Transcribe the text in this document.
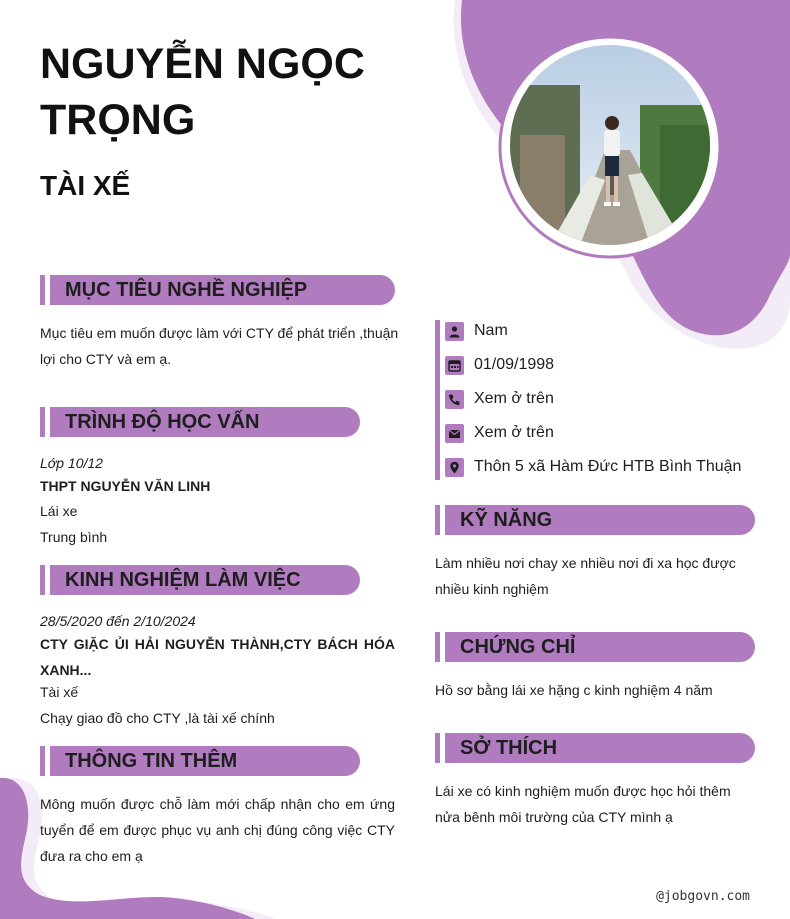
NGUYỄN NGỌC
TRỌNG
TÀI XẾ
MỤC TIÊU NGHỀ NGHIỆP

Mục tiêu em muốn được làm với CTY để phát triển ,thuận lợi cho CTY và em ạ.

TRÌNH ĐỘ HỌC VẤN

Lớp 10/12

THPT NGUYỄN VĂN LINH

Lái xe

Trung bình

KINH NGHIỆM LÀM VIỆC

28/5/2020 đến 2/10/2024

CTY GIẶC ỦI HẢI NGUYỄN THÀNH,CTY BÁCH HÓA XANH...

Tài xế

Chạy giao đồ cho CTY ,là tài xế chính

THÔNG TIN THÊM

Mông muốn được chỗ làm mới chấp nhận cho em ứng tuyển để em được phục vụ anh chị đúng công việc CTY đưa ra cho em ạ

Nam
01/09/1998
Xem ở trên
Xem ở trên
Thôn 5 xã Hàm Đức HTB Bình Thuận
KỸ NĂNG

Làm nhiều nơi chay xe nhiều nơi đi xa học được nhiều kinh nghiệm

CHỨNG CHỈ

Hồ sơ bằng lái xe hặng c kinh nghiệm 4 năm

SỞ THÍCH

Lái xe có kinh nghiệm muốn được học hỏi thêm nửa bênh môi trường của CTY mình ạ

@jobgovn.com
